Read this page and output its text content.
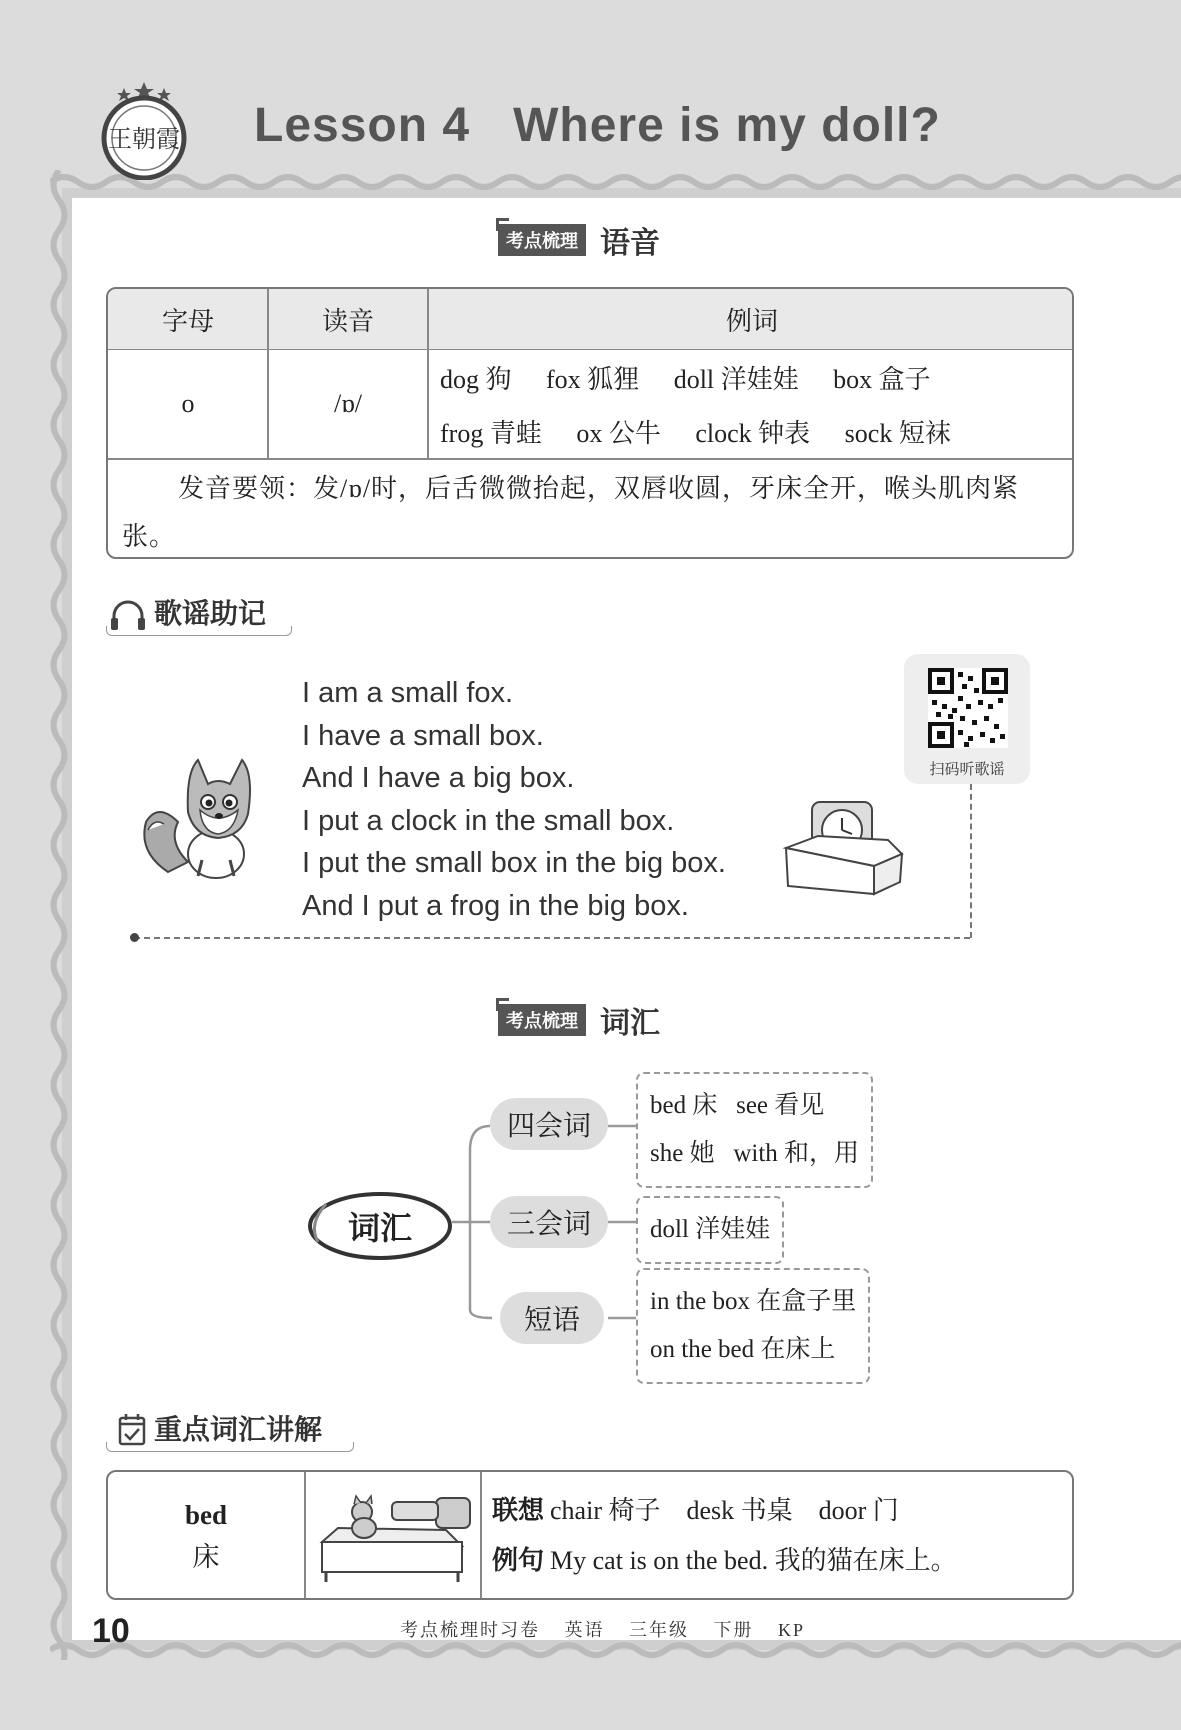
王朝霞 Lesson 4   Where is my doll?
考点梳理 语音
字母	读音	例词
o	/ɒ/
dog 狗 fox 狐狸 doll 洋娃娃 box 盒子
frog 青蛙 ox 公牛 clock 钟表 sock 短袜
发音要领：发/ɒ/时，后舌微微抬起，双唇收圆，牙床全开，喉头肌肉紧张。
歌谣助记
I am a small fox.
I have a small box.
And I have a big box.
I put a clock in the small box.
I put the small box in the big box.
And I put a frog in the big box.
扫码听歌谣
考点梳理 词汇
词汇
四会词
三会词
短语
bed 床   see 看见
she 她   with 和，用
doll 洋娃娃
in the box 在盒子里
on the bed 在床上
重点词汇讲解
bed
床
联想 chair 椅子    desk 书桌    door 门
例句 My cat is on the bed. 我的猫在床上。
10	考点梳理时习卷 英语 三年级 下册 KP
